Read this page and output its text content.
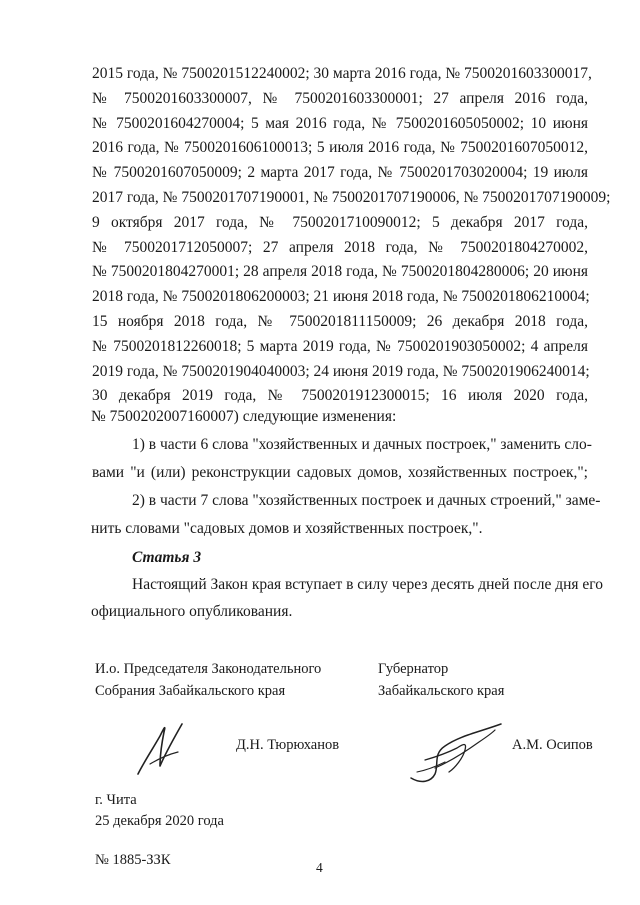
2015 года, № 7500201512240002; 30 марта 2016 года, № 7500201603300017,
№ 7500201603300007, № 7500201603300001; 27 апреля 2016 года,
№ 7500201604270004; 5 мая 2016 года, № 7500201605050002; 10 июня
2016 года, № 7500201606100013; 5 июля 2016 года, № 7500201607050012,
№ 7500201607050009; 2 марта 2017 года, № 7500201703020004; 19 июля
2017 года, № 7500201707190001, № 7500201707190006, № 7500201707190009;
9 октября 2017 года, № 7500201710090012; 5 декабря 2017 года,
№ 7500201712050007; 27 апреля 2018 года, № 7500201804270002,
№ 7500201804270001; 28 апреля 2018 года, № 7500201804280006; 20 июня
2018 года, № 7500201806200003; 21 июня 2018 года, № 7500201806210004;
15 ноября 2018 года, № 7500201811150009; 26 декабря 2018 года,
№ 7500201812260018; 5 марта 2019 года, № 7500201903050002; 4 апреля
2019 года, № 7500201904040003; 24 июня 2019 года, № 7500201906240014;
30 декабря 2019 года, № 7500201912300015; 16 июля 2020 года,
№ 7500202007160007) следующие изменения:
1) в части 6 слова "хозяйственных и дачных построек," заменить сло-
вами "и (или) реконструкции садовых домов, хозяйственных построек,";
2) в части 7 слова "хозяйственных построек и дачных строений," заме-
нить словами "садовых домов и хозяйственных построек,".
Статья 3
Настоящий Закон края вступает в силу через десять дней после дня его
официального опубликования.
И.о. Председателя Законодательного
Собрания Забайкальского края
Д.Н. Тюрюханов
Губернатор
Забайкальского края
А.М. Осипов
г. Чита
25 декабря 2020 года
№ 1885-ЗЗК	4
